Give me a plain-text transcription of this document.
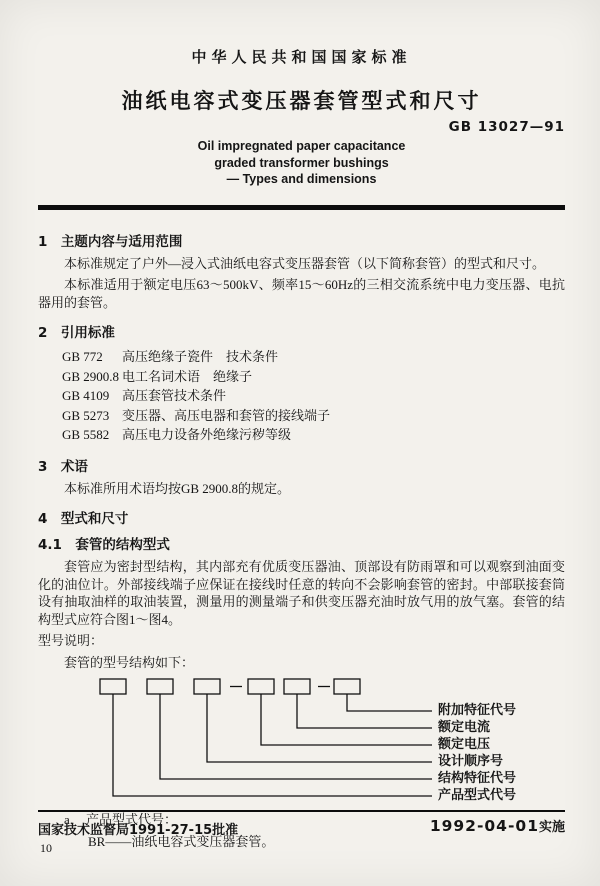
中华人民共和国国家标准
油纸电容式变压器套管型式和尺寸
GB 13027—91
Oil impregnated paper capacitance
graded transformer bushings
— Types and dimensions
1　主题内容与适用范围

本标准规定了户外—浸入式油纸电容式变压器套管（以下简称套管）的型式和尺寸。

本标准适用于额定电压63～500kV、频率15～60Hz的三相交流系统中电力变压器、电抗器用的套管。

2　引用标准
GB 772 高压绝缘子瓷件　技术条件
GB 2900.8 电工名词术语　绝缘子
GB 4109 高压套管技术条件
GB 5273 变压器、高压电器和套管的接线端子
GB 5582 高压电力设备外绝缘污秽等级
3　术语

本标准所用术语均按GB 2900.8的规定。

4　型式和尺寸
4.1　套管的结构型式

套管应为密封型结构，其内部充有优质变压器油、顶部设有防雨罩和可以观察到油面变化的油位计。外部接线端子应保证在接线时任意的转向不会影响套管的密封。中部联接套筒设有抽取油样的取油装置，测量用的测量端子和供变压器充油时放气用的放气塞。套管的结构型式应符合图1～图4。

型号说明：

套管的型号结构如下：

附加特征代号
额定电流
额定电压
设计顺序号
结构特征代号
产品型式代号

a.　产品型式代号：

BR——油纸电容式变压器套管。

国家技术监督局1991-27-15批准	1992-04-01实施
10
